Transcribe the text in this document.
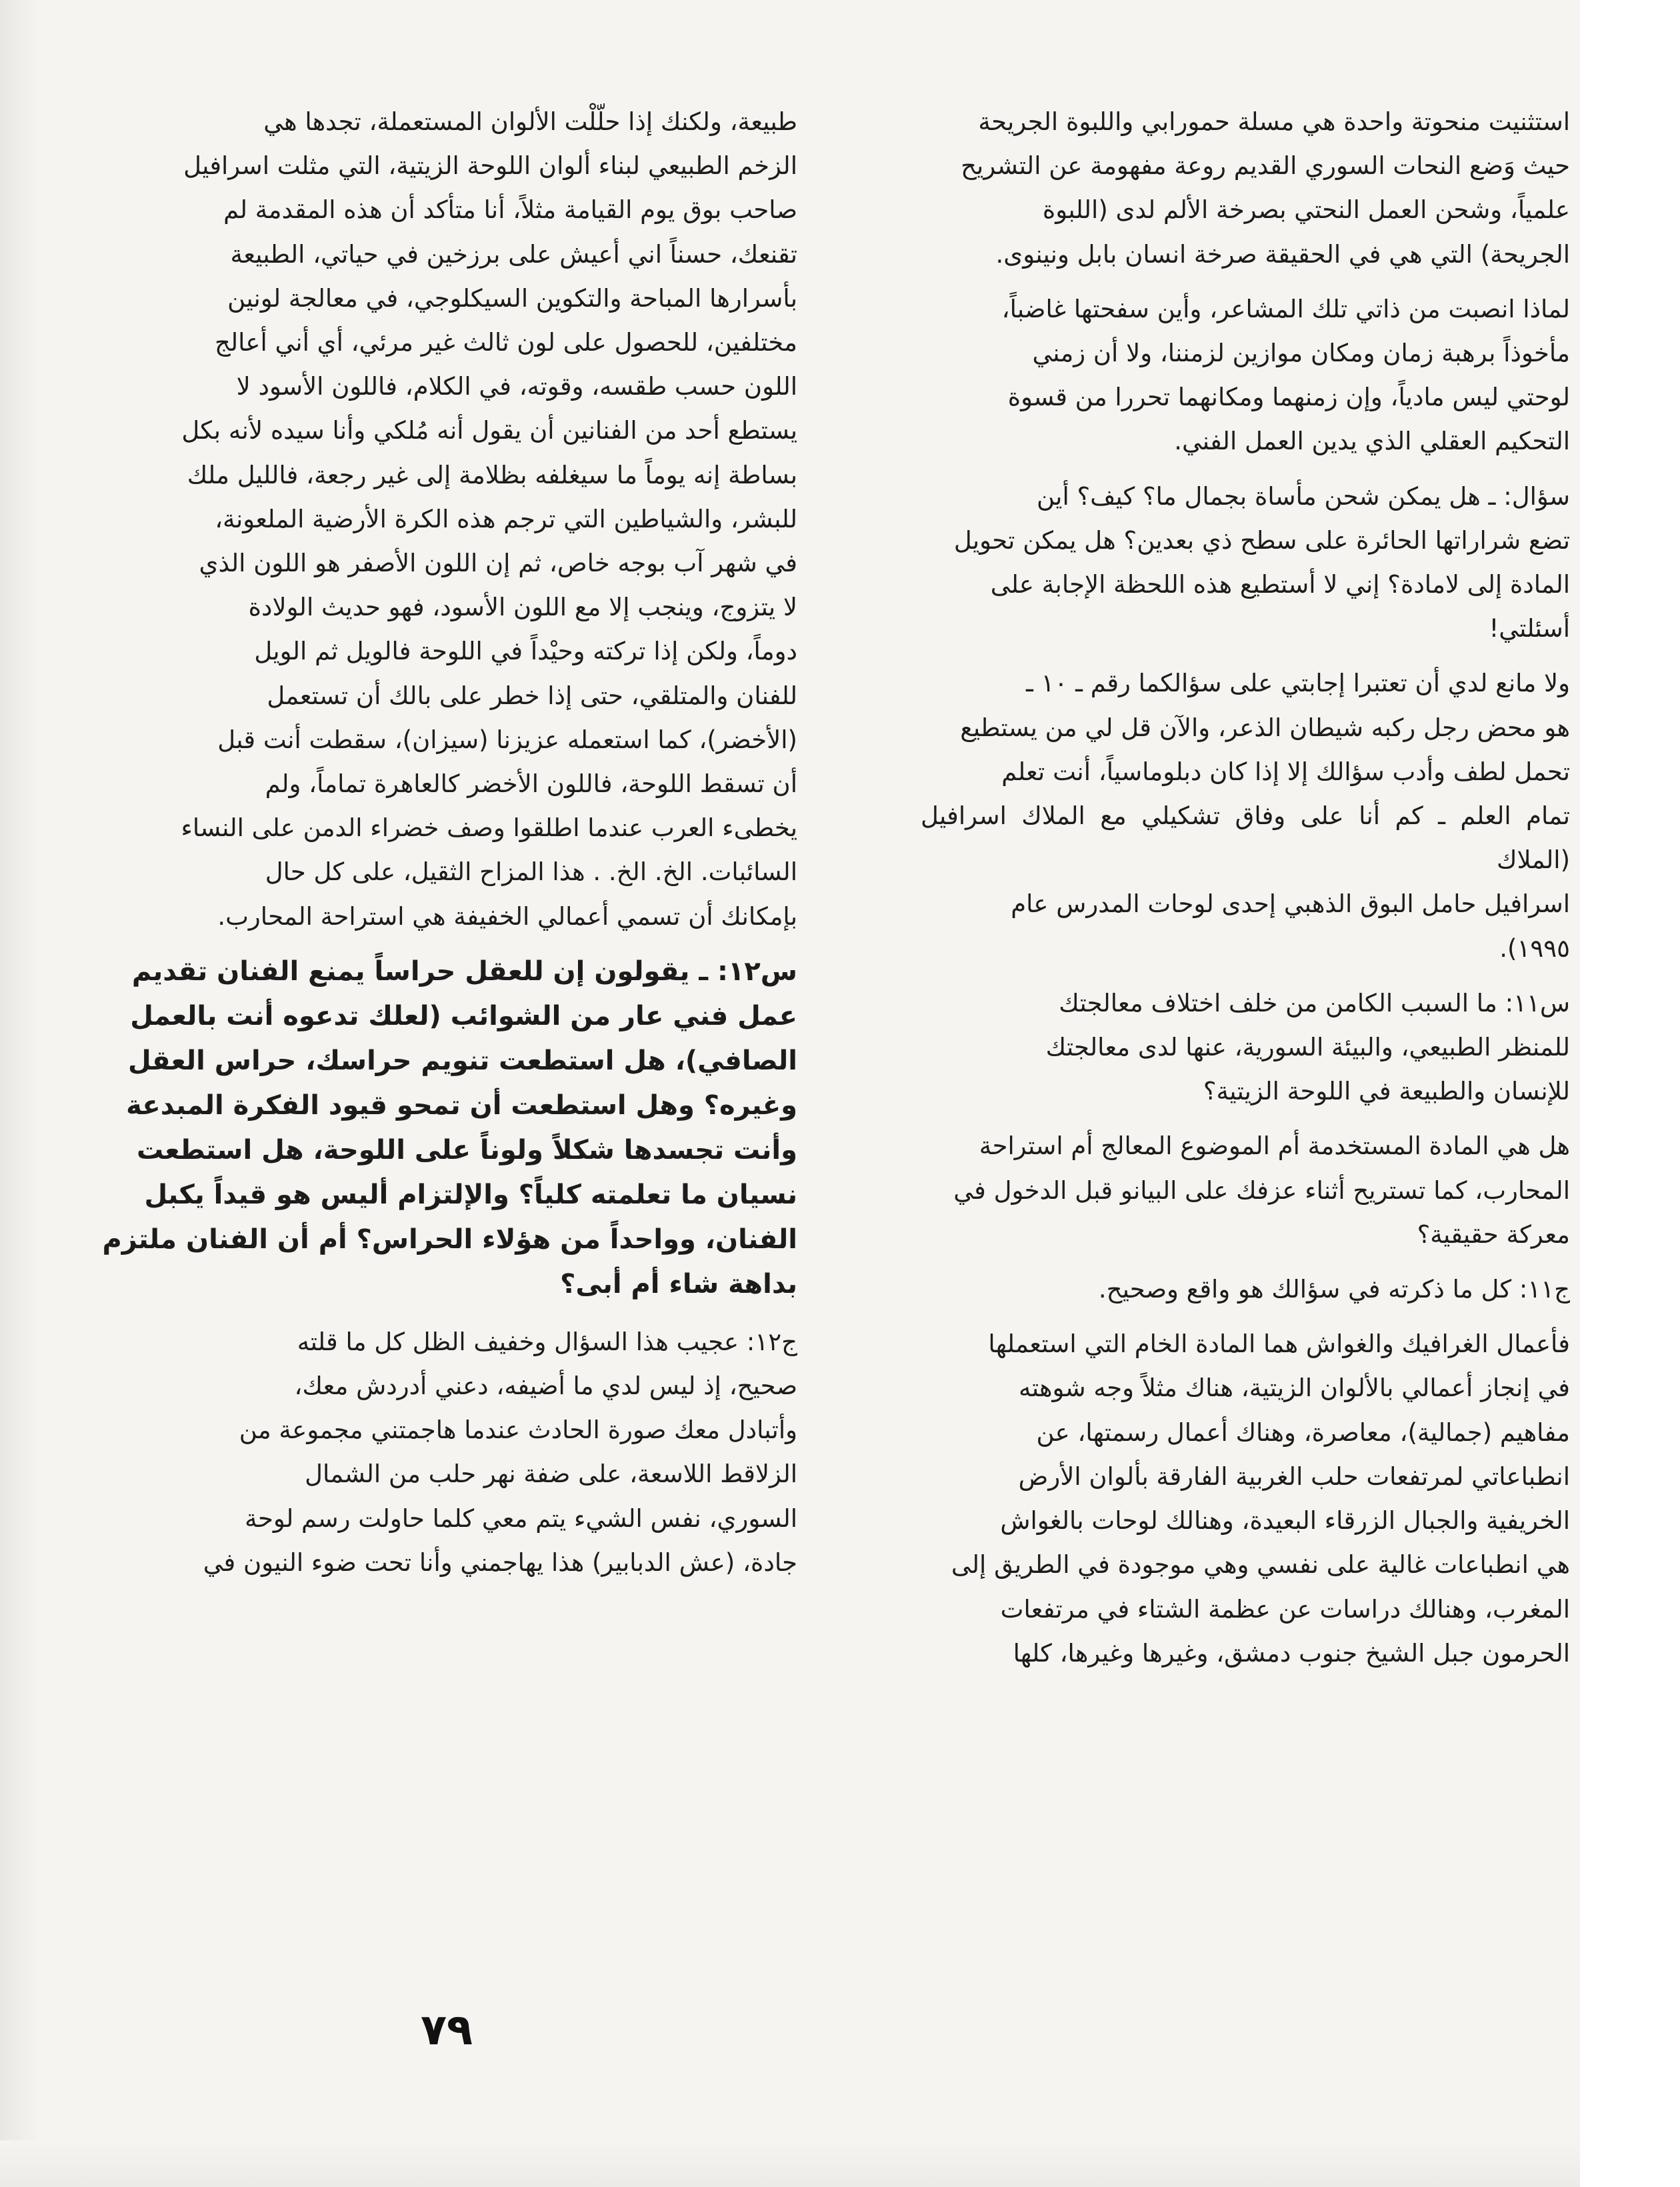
استثنيت منحوتة واحدة هي مسلة حمورابي واللبوة الجريحة
حيث وَضع النحات السوري القديم روعة مفهومة عن التشريح
علمياً، وشحن العمل النحتي بصرخة الألم لدى (اللبوة
الجريحة) التي هي في الحقيقة صرخة انسان بابل ونينوى.

لماذا انصبت من ذاتي تلك المشاعر، وأين سفحتها غاضباً،
مأخوذاً برهبة زمان ومكان موازين لزمننا، ولا أن زمني
لوحتي ليس مادياً، وإن زمنهما ومكانهما تحررا من قسوة
التحكيم العقلي الذي يدين العمل الفني.

سؤال: ـ هل يمكن شحن مأساة بجمال ما؟ كيف؟ أين
تضع شراراتها الحائرة على سطح ذي بعدين؟ هل يمكن تحويل
المادة إلى لامادة؟ إني لا أستطيع هذه اللحظة الإجابة على
أسئلتي!

ولا مانع لدي أن تعتبرا إجابتي على سؤالكما رقم ـ ١٠ ـ
هو محض رجل ركبه شيطان الذعر، والآن قل لي من يستطيع
تحمل لطف وأدب سؤالك إلا إذا كان دبلوماسياً، أنت تعلم
تمام العلم ـ كم أنا على وفاق تشكيلي مع الملاك اسرافيل (الملاك
اسرافيل حامل البوق الذهبي إحدى لوحات المدرس عام
١٩٩٥).

س١١: ما السبب الكامن من خلف اختلاف معالجتك
للمنظر الطبيعي، والبيئة السورية، عنها لدى معالجتك
للإنسان والطبيعة في اللوحة الزيتية؟

هل هي المادة المستخدمة أم الموضوع المعالج أم استراحة
المحارب، كما تستريح أثناء عزفك على البيانو قبل الدخول في
معركة حقيقية؟

ج١١: كل ما ذكرته في سؤالك هو واقع وصحيح.

فأعمال الغرافيك والغواش هما المادة الخام التي استعملها
في إنجاز أعمالي بالألوان الزيتية، هناك مثلاً وجه شوهته
مفاهيم (جمالية)، معاصرة، وهناك أعمال رسمتها، عن
انطباعاتي لمرتفعات حلب الغربية الفارقة بألوان الأرض
الخريفية والجبال الزرقاء البعيدة، وهنالك لوحات بالغواش
هي انطباعات غالية على نفسي وهي موجودة في الطريق إلى
المغرب، وهنالك دراسات عن عظمة الشتاء في مرتفعات
الحرمون جبل الشيخ جنوب دمشق، وغيرها وغيرها، كلها

طبيعة، ولكنك إذا حلّلْت الألوان المستعملة، تجدها هي
الزخم الطبيعي لبناء ألوان اللوحة الزيتية، التي مثلت اسرافيل
صاحب بوق يوم القيامة مثلاً، أنا متأكد أن هذه المقدمة لم
تقنعك، حسناً اني أعيش على برزخين في حياتي، الطبيعة
بأسرارها المباحة والتكوين السيكلوجي، في معالجة لونين
مختلفين، للحصول على لون ثالث غير مرئي، أي أني أعالج
اللون حسب طقسه، وقوته، في الكلام، فاللون الأسود لا
يستطع أحد من الفنانين أن يقول أنه مُلكي وأنا سيده لأنه بكل
بساطة إنه يوماً ما سيغلفه بظلامة إلى غير رجعة، فالليل ملك
للبشر، والشياطين التي ترجم هذه الكرة الأرضية الملعونة،
في شهر آب بوجه خاص، ثم إن اللون الأصفر هو اللون الذي
لا يتزوج، وينجب إلا مع اللون الأسود، فهو حديث الولادة
دوماً، ولكن إذا تركته وحيْداً في اللوحة فالويل ثم الويل
للفنان والمتلقي، حتى إذا خطر على بالك أن تستعمل
(الأخضر)، كما استعمله عزيزنا (سيزان)، سقطت أنت قبل
أن تسقط اللوحة، فاللون الأخضر كالعاهرة تماماً، ولم
يخطىء العرب عندما اطلقوا وصف خضراء الدمن على النساء
السائبات. الخ. الخ. . هذا المزاح الثقيل، على كل حال
بإمكانك أن تسمي أعمالي الخفيفة هي استراحة المحارب.

س١٢: ـ يقولون إن للعقل حراساً يمنع الفنان تقديم
عمل فني عار من الشوائب (لعلك تدعوه أنت بالعمل
الصافي)، هل استطعت تنويم حراسك، حراس العقل
وغيره؟ وهل استطعت أن تمحو قيود الفكرة المبدعة
وأنت تجسدها شكلاً ولوناً على اللوحة، هل استطعت
نسيان ما تعلمته كلياً؟ والإلتزام أليس هو قيداً يكبل
الفنان، وواحداً من هؤلاء الحراس؟ أم أن الفنان ملتزم
بداهة شاء أم أبى؟

ج١٢: عجيب هذا السؤال وخفيف الظل كل ما قلته
صحيح، إذ ليس لدي ما أضيفه، دعني أدردش معك،
وأتبادل معك صورة الحادث عندما هاجمتني مجموعة من
الزلاقط اللاسعة، على ضفة نهر حلب من الشمال
السوري، نفس الشيء يتم معي كلما حاولت رسم لوحة
جادة، (عش الدبابير) هذا يهاجمني وأنا تحت ضوء النيون في

٧٩
